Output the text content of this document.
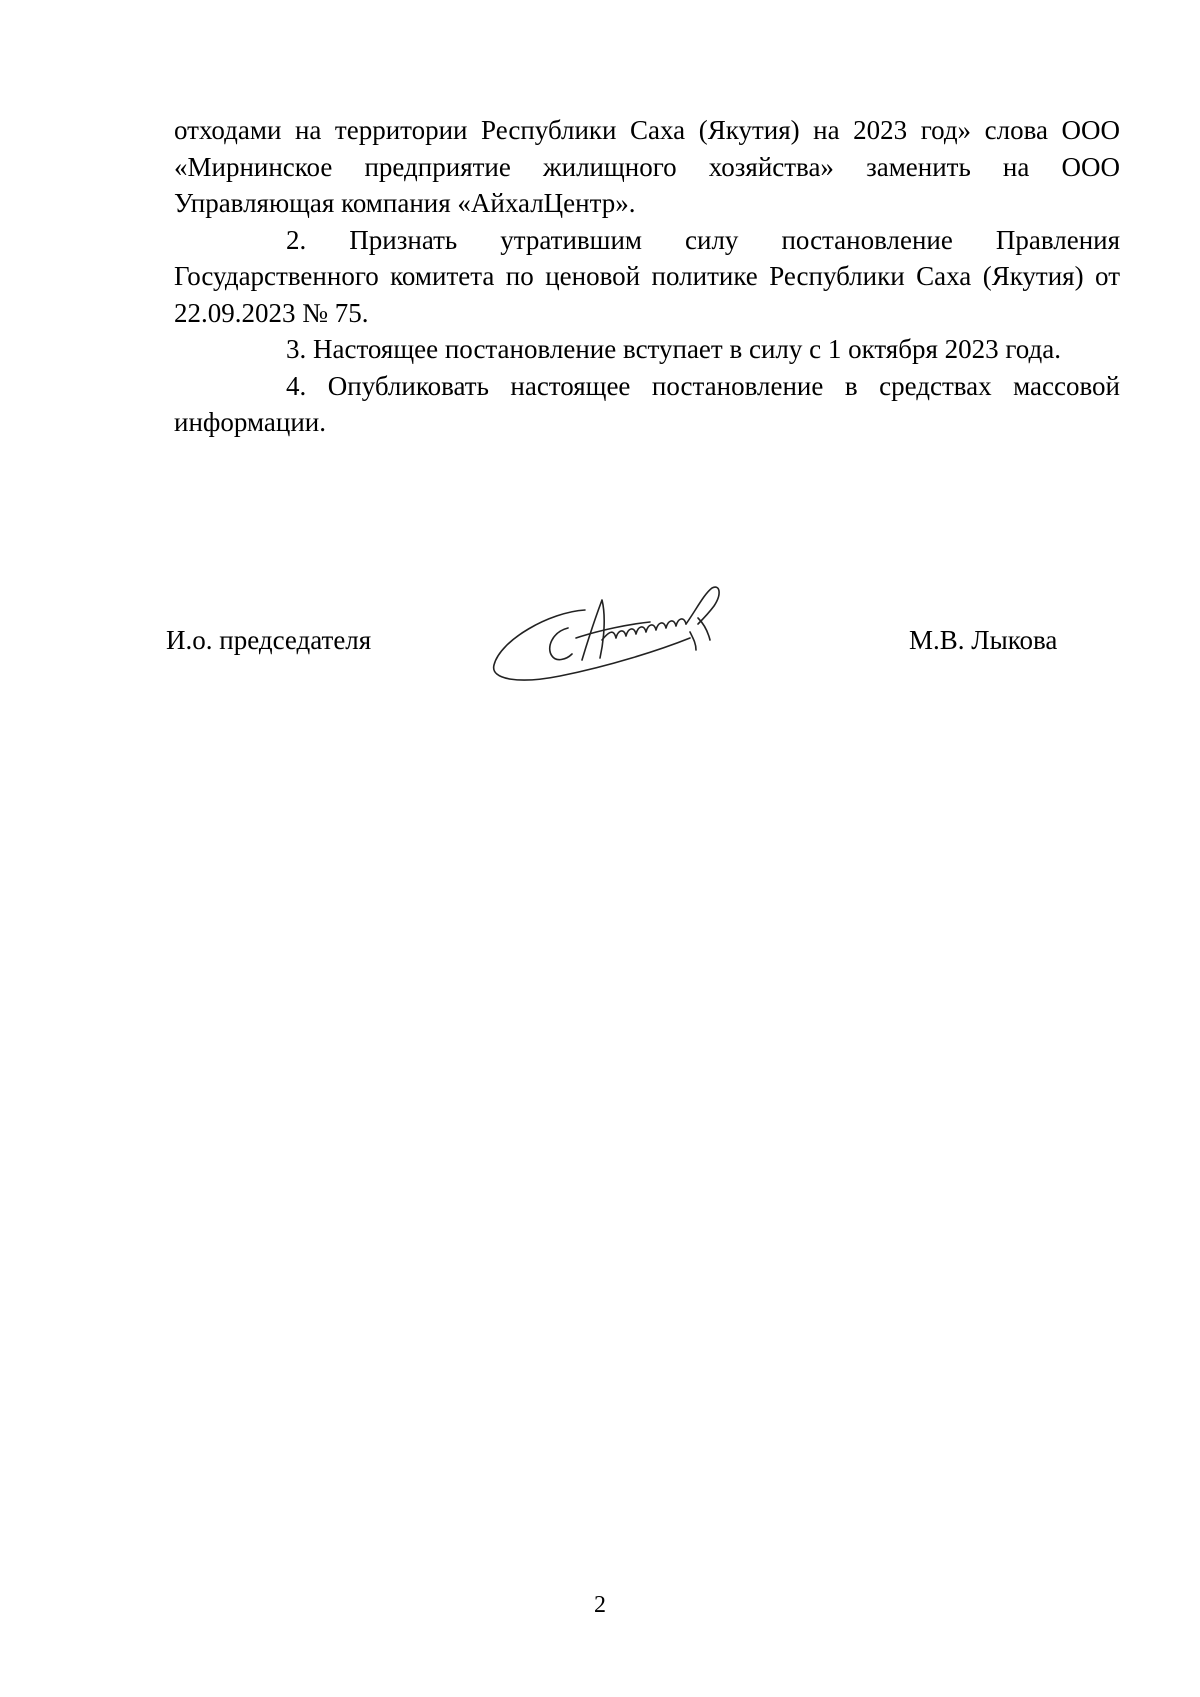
отходами на территории Республики Саха (Якутия) на 2023 год» слова ООО «Мирнинское предприятие жилищного хозяйства» заменить на ООО Управляющая компания «АйхалЦентр».

2. Признать утратившим силу постановление Правления Государственного комитета по ценовой политике Республики Саха (Якутия) от 22.09.2023 № 75.

3. Настоящее постановление вступает в силу с 1 октября 2023 года.

4. Опубликовать настоящее постановление в средствах массовой информации.

И.о. председателя	М.В. Лыкова
2
